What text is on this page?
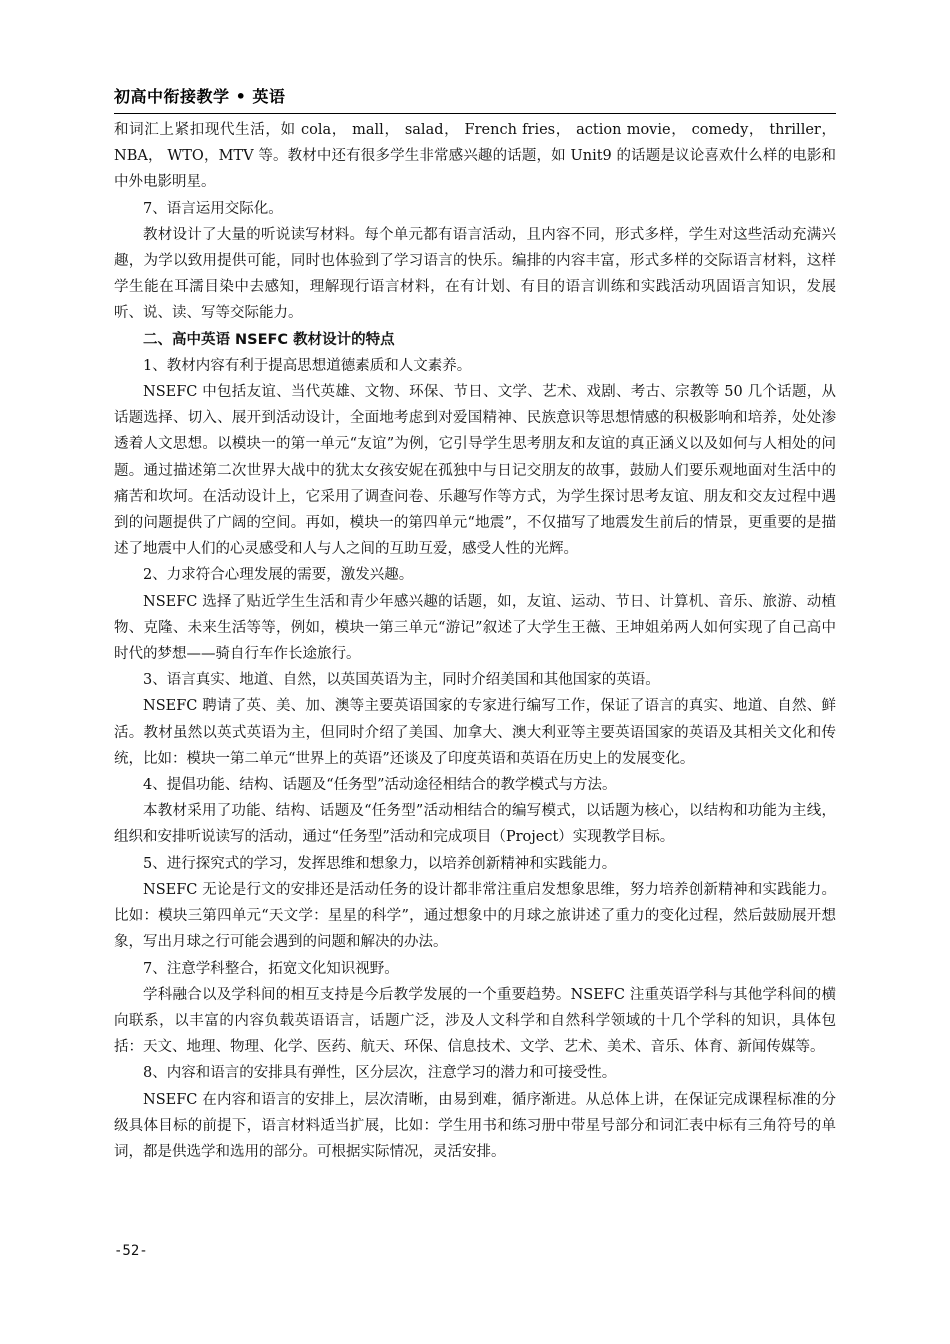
初高中衔接教学 • 英语

和词汇上紧扣现代生活，如 cola， mall， salad， French fries， action movie， comedy， thriller， NBA， WTO，MTV 等。教材中还有很多学生非常感兴趣的话题，如 Unit9 的话题是议论喜欢什么样的电影和中外电影明星。

7、语言运用交际化。

教材设计了大量的听说读写材料。每个单元都有语言活动，且内容不同，形式多样，学生对这些活动充满兴趣，为学以致用提供可能，同时也体验到了学习语言的快乐。编排的内容丰富，形式多样的交际语言材料，这样学生能在耳濡目染中去感知，理解现行语言材料，在有计划、有目的语言训练和实践活动巩固语言知识，发展听、说、读、写等交际能力。

二、高中英语 NSEFC 教材设计的特点

1、教材内容有利于提高思想道德素质和人文素养。

NSEFC 中包括友谊、当代英雄、文物、环保、节日、文学、艺术、戏剧、考古、宗教等 50 几个话题，从话题选择、切入、展开到活动设计，全面地考虑到对爱国精神、民族意识等思想情感的积极影响和培养，处处渗透着人文思想。以模块一的第一单元“友谊”为例，它引导学生思考朋友和友谊的真正涵义以及如何与人相处的问题。通过描述第二次世界大战中的犹太女孩安妮在孤独中与日记交朋友的故事，鼓励人们要乐观地面对生活中的痛苦和坎坷。在活动设计上，它采用了调查问卷、乐趣写作等方式，为学生探讨思考友谊、朋友和交友过程中遇到的问题提供了广阔的空间。再如，模块一的第四单元“地震”，不仅描写了地震发生前后的情景，更重要的是描述了地震中人们的心灵感受和人与人之间的互助互爱，感受人性的光辉。

2、力求符合心理发展的需要，激发兴趣。

NSEFC 选择了贴近学生生活和青少年感兴趣的话题，如，友谊、运动、节日、计算机、音乐、旅游、动植物、克隆、未来生活等等，例如，模块一第三单元“游记”叙述了大学生王薇、王坤姐弟两人如何实现了自己高中时代的梦想——骑自行车作长途旅行。

3、语言真实、地道、自然，以英国英语为主，同时介绍美国和其他国家的英语。

NSEFC 聘请了英、美、加、澳等主要英语国家的专家进行编写工作，保证了语言的真实、地道、自然、鲜活。教材虽然以英式英语为主，但同时介绍了美国、加拿大、澳大利亚等主要英语国家的英语及其相关文化和传统，比如：模块一第二单元“世界上的英语”还谈及了印度英语和英语在历史上的发展变化。

4、提倡功能、结构、话题及“任务型”活动途径相结合的教学模式与方法。

本教材采用了功能、结构、话题及“任务型”活动相结合的编写模式，以话题为核心，以结构和功能为主线，组织和安排听说读写的活动，通过“任务型”活动和完成项目（Project）实现教学目标。

5、进行探究式的学习，发挥思维和想象力，以培养创新精神和实践能力。

NSEFC 无论是行文的安排还是活动任务的设计都非常注重启发想象思维，努力培养创新精神和实践能力。比如：模块三第四单元“天文学：星星的科学”，通过想象中的月球之旅讲述了重力的变化过程，然后鼓励展开想象，写出月球之行可能会遇到的问题和解决的办法。

7、注意学科整合，拓宽文化知识视野。

学科融合以及学科间的相互支持是今后教学发展的一个重要趋势。NSEFC 注重英语学科与其他学科间的横向联系，以丰富的内容负载英语语言，话题广泛，涉及人文科学和自然科学领域的十几个学科的知识，具体包括：天文、地理、物理、化学、医药、航天、环保、信息技术、文学、艺术、美术、音乐、体育、新闻传媒等。

8、内容和语言的安排具有弹性，区分层次，注意学习的潜力和可接受性。

NSEFC 在内容和语言的安排上，层次清晰，由易到难，循序渐进。从总体上讲，在保证完成课程标准的分级具体目标的前提下，语言材料适当扩展，比如：学生用书和练习册中带星号部分和词汇表中标有三角符号的单词，都是供选学和选用的部分。可根据实际情况，灵活安排。

-52-
